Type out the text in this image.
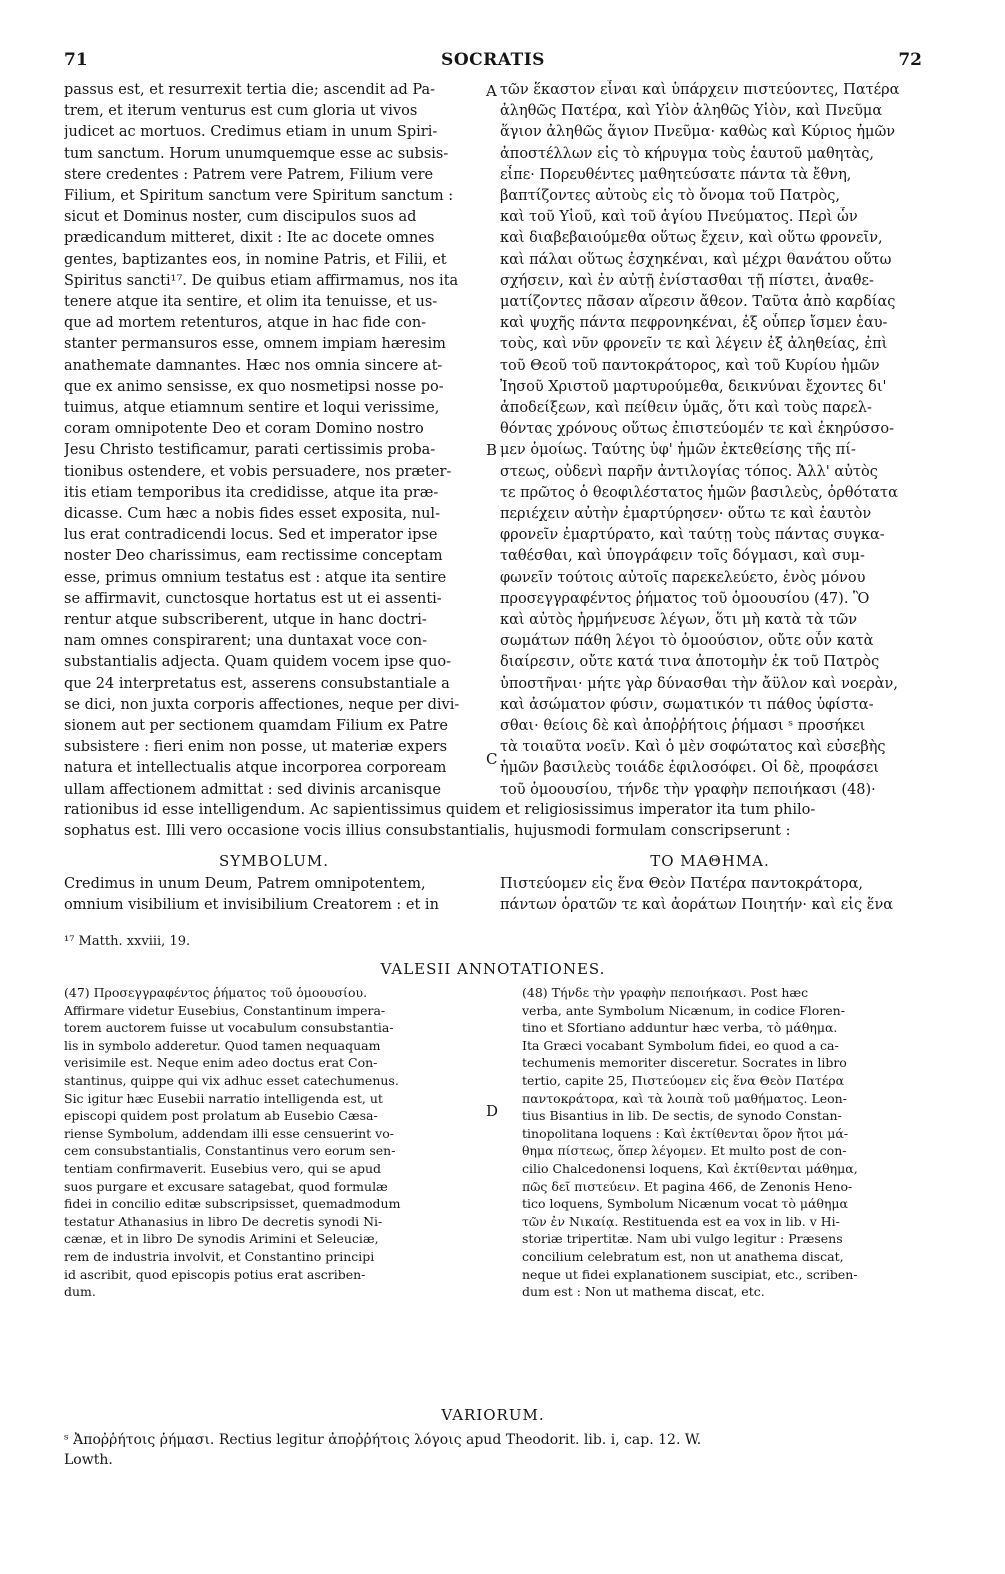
71	SOCRATIS	72
passus est, et resurrexit tertia die; ascendit ad Pa-
trem, et iterum venturus est cum gloria ut vivos
judicet ac mortuos. Credimus etiam in unum Spiri-
tum sanctum. Horum unumquemque esse ac subsis-
stere credentes : Patrem vere Patrem, Filium vere
Filium, et Spiritum sanctum vere Spiritum sanctum :
sicut et Dominus noster, cum discipulos suos ad
prædicandum mitteret, dixit : Ite ac docete omnes
gentes, baptizantes eos, in nomine Patris, et Filii, et
Spiritus sancti¹⁷. De quibus etiam affirmamus, nos ita
tenere atque ita sentire, et olim ita tenuisse, et us-
que ad mortem retenturos, atque in hac fide con-
stanter permansuros esse, omnem impiam hæresim
anathemate damnantes. Hæc nos omnia sincere at-
que ex animo sensisse, ex quo nosmetipsi nosse po-
tuimus, atque etiamnum sentire et loqui verissime,
coram omnipotente Deo et coram Domino nostro
Jesu Christo testificamur, parati certissimis proba-
tionibus ostendere, et vobis persuadere, nos præter-
itis etiam temporibus ita credidisse, atque ita præ-
dicasse. Cum hæc a nobis fides esset exposita, nul-
lus erat contradicendi locus. Sed et imperator ipse
noster Deo charissimus, eam rectissime conceptam
esse, primus omnium testatus est : atque ita sentire
se affirmavit, cunctosque hortatus est ut ei assenti-
rentur atque subscriberent, utque in hanc doctri-
nam omnes conspirarent; una duntaxat voce con-
substantialis adjecta. Quam quidem vocem ipse quo-
que 24 interpretatus est, asserens consubstantiale a
se dici, non juxta corporis affectiones, neque per divi-
sionem aut per sectionem quamdam Filium ex Patre
subsistere : fieri enim non posse, ut materiæ expers
natura et intellectualis atque incorporea corpoream
ullam affectionem admittat : sed divinis arcanisque
τῶν ἕκαστον εἶναι καὶ ὑπάρχειν πιστεύοντες, Πατέρα
ἀληθῶς Πατέρα, καὶ Υἱὸν ἀληθῶς Υἱὸν, καὶ Πνεῦμα
ἅγιον ἀληθῶς ἅγιον Πνεῦμα· καθὼς καὶ Κύριος ἡμῶν
ἀποστέλλων εἰς τὸ κήρυγμα τοὺς ἑαυτοῦ μαθητὰς,
εἶπε· Πορευθέντες μαθητεύσατε πάντα τὰ ἔθνη,
βαπτίζοντες αὐτοὺς εἰς τὸ ὄνομα τοῦ Πατρὸς,
καὶ τοῦ Υἱοῦ, καὶ τοῦ ἁγίου Πνεύματος. Περὶ ὧν
καὶ διαβεβαιούμεθα οὕτως ἔχειν, καὶ οὕτω φρονεῖν,
καὶ πάλαι οὕτως ἐσχηκέναι, καὶ μέχρι θανάτου οὕτω
σχήσειν, καὶ ἐν αὐτῇ ἐνίστασθαι τῇ πίστει, ἀναθε-
ματίζοντες πᾶσαν αἵρεσιν ἄθεον. Ταῦτα ἀπὸ καρδίας
καὶ ψυχῆς πάντα πεφρονηκέναι, ἐξ οὗπερ ἴσμεν ἑαυ-
τοὺς, καὶ νῦν φρονεῖν τε καὶ λέγειν ἐξ ἀληθείας, ἐπὶ
τοῦ Θεοῦ τοῦ παντοκράτορος, καὶ τοῦ Κυρίου ἡμῶν
Ἰησοῦ Χριστοῦ μαρτυρούμεθα, δεικνύναι ἔχοντες δι'
ἀποδείξεων, καὶ πείθειν ὑμᾶς, ὅτι καὶ τοὺς παρελ-
θόντας χρόνους οὕτως ἐπιστεύομέν τε καὶ ἐκηρύσσο-
μεν ὁμοίως. Ταύτης ὑφ' ἡμῶν ἐκτεθείσης τῆς πί-
στεως, οὐδενὶ παρῆν ἀντιλογίας τόπος. Ἀλλ' αὐτὸς
τε πρῶτος ὁ θεοφιλέστατος ἡμῶν βασιλεὺς, ὀρθότατα
περιέχειν αὐτὴν ἐμαρτύρησεν· οὕτω τε καὶ ἑαυτὸν
φρονεῖν ἐμαρτύρατο, καὶ ταύτῃ τοὺς πάντας συγκα-
ταθέσθαι, καὶ ὑπογράφειν τοῖς δόγμασι, καὶ συμ-
φωνεῖν τούτοις αὐτοῖς παρεκελεύετο, ἑνὸς μόνου
προσεγγραφέντος ῥήματος τοῦ ὁμοουσίου (47). Ὃ
καὶ αὐτὸς ἡρμήνευσε λέγων, ὅτι μὴ κατὰ τὰ τῶν
σωμάτων πάθη λέγοι τὸ ὁμοούσιον, οὔτε οὖν κατὰ
διαίρεσιν, οὔτε κατά τινα ἀποτομὴν ἐκ τοῦ Πατρὸς
ὑποστῆναι· μήτε γὰρ δύνασθαι τὴν ἄϋλον καὶ νοερὰν,
καὶ ἀσώματον φύσιν, σωματικόν τι πάθος ὑφίστα-
σθαι· θείοις δὲ καὶ ἀποῤῥήτοις ῥήμασι ˢ προσήκει
τὰ τοιαῦτα νοεῖν. Καὶ ὁ μὲν σοφώτατος καὶ εὐσεβὴς
ἡμῶν βασιλεὺς τοιάδε ἐφιλοσόφει. Οἱ δὲ, προφάσει
τοῦ ὁμοουσίου, τήνδε τὴν γραφὴν πεποιήκασι (48)·
A
B
C
rationibus id esse intelligendum. Ac sapientissimus quidem et religiosissimus imperator ita tum philo-
sophatus est. Illi vero occasione vocis illius consubstantialis, hujusmodi formulam conscripserunt :
SYMBOLUM.	ΤΟ ΜΑΘΗΜΑ.
Credimus in unum Deum, Patrem omnipotentem,
omnium visibilium et invisibilium Creatorem : et in
Πιστεύομεν εἰς ἕνα Θεὸν Πατέρα παντοκράτορα,
πάντων ὁρατῶν τε καὶ ἀοράτων Ποιητήν· καὶ εἰς ἕνα
¹⁷ Matth. xxviii, 19.
VALESII ANNOTATIONES.
(47) Προσεγγραφέντος ῥήματος τοῦ ὁμοουσίου.
Affirmare videtur Eusebius, Constantinum impera-
torem auctorem fuisse ut vocabulum consubstantia-
lis in symbolo adderetur. Quod tamen nequaquam
verisimile est. Neque enim adeo doctus erat Con-
stantinus, quippe qui vix adhuc esset catechumenus.
Sic igitur hæc Eusebii narratio intelligenda est, ut
episcopi quidem post prolatum ab Eusebio Cæsa-
riense Symbolum, addendam illi esse censuerint vo-
cem consubstantialis, Constantinus vero eorum sen-
tentiam confirmaverit. Eusebius vero, qui se apud
suos purgare et excusare satagebat, quod formulæ
fidei in concilio editæ subscripsisset, quemadmodum
testatur Athanasius in libro De decretis synodi Ni-
cænæ, et in libro De synodis Arimini et Seleuciæ,
rem de industria involvit, et Constantino principi
id ascribit, quod episcopis potius erat ascriben-
dum.
(48) Τήνδε τὴν γραφὴν πεποιήκασι. Post hæc
verba, ante Symbolum Nicænum, in codice Floren-
tino et Sfortiano adduntur hæc verba, τὸ μάθημα.
Ita Græci vocabant Symbolum fidei, eo quod a ca-
techumenis memoriter disceretur. Socrates in libro
tertio, capite 25, Πιστεύομεν εἰς ἕνα Θεὸν Πατέρα
παντοκράτορα, καὶ τὰ λοιπὰ τοῦ μαθήματος. Leon-
tius Bisantius in lib. De sectis, de synodo Constan-
tinopolitana loquens : Καὶ ἐκτίθενται ὅρον ἤτοι μά-
θημα πίστεως, ὅπερ λέγομεν. Et multo post de con-
cilio Chalcedonensi loquens, Καὶ ἐκτίθενται μάθημα,
πῶς δεῖ πιστεύειν. Et pagina 466, de Zenonis Heno-
tico loquens, Symbolum Nicænum vocat τὸ μάθημα
τῶν ἐν Νικαίᾳ. Restituenda est ea vox in lib. v Hi-
storiæ tripertitæ. Nam ubi vulgo legitur : Præsens
concilium celebratum est, non ut anathema discat,
neque ut fidei explanationem suscipiat, etc., scriben-
dum est : Non ut mathema discat, etc.
D
VARIORUM.
ˢ Ἀποῤῥήτοις ῥήμασι. Rectius legitur ἀποῤῥήτοις λόγοις apud Theodorit. lib. i, cap. 12. W.
Lowth.
